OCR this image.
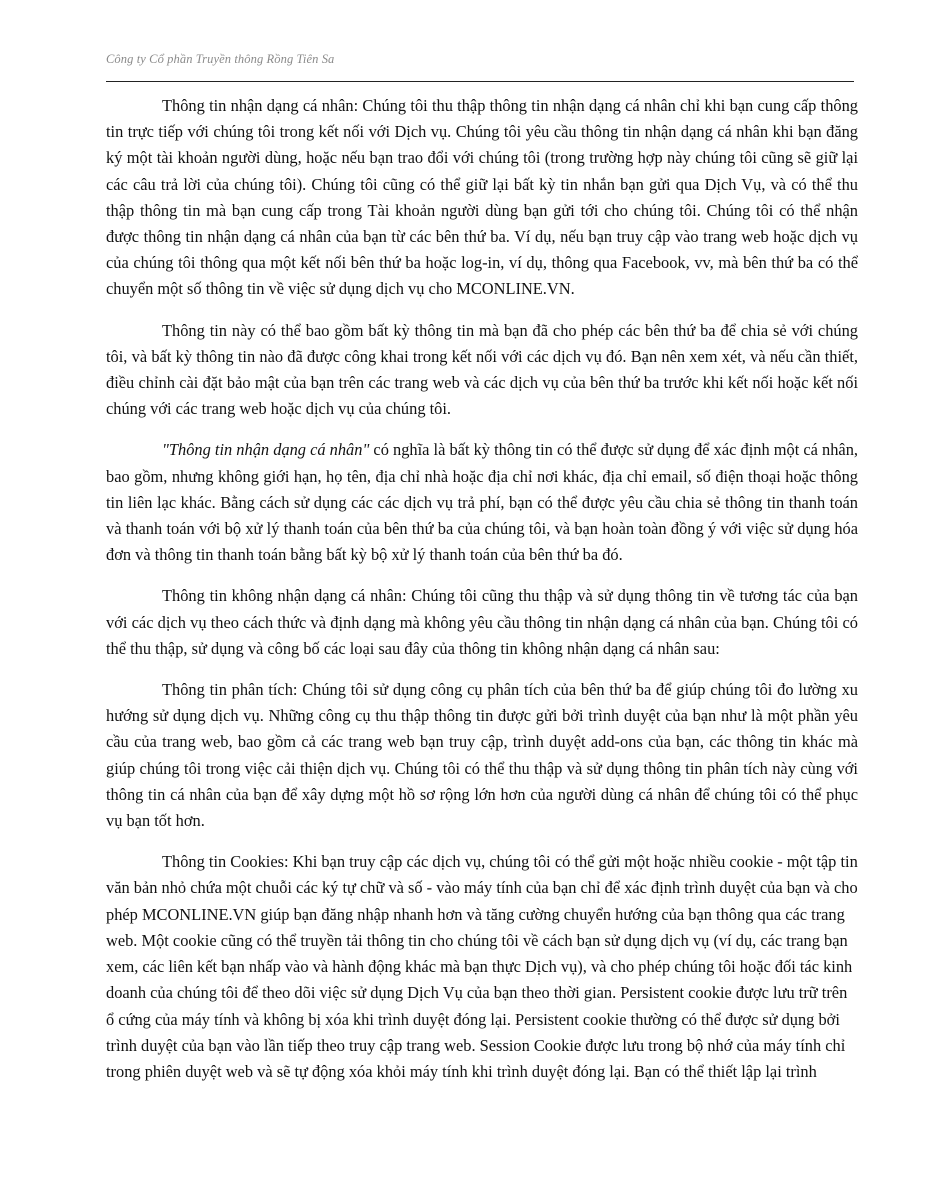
Công ty Cổ phần Truyền thông Rồng Tiên Sa

Thông tin nhận dạng cá nhân: Chúng tôi thu thập thông tin nhận dạng cá nhân chỉ khi bạn cung cấp thông tin trực tiếp với chúng tôi trong kết nối với Dịch vụ. Chúng tôi yêu cầu thông tin nhận dạng cá nhân khi bạn đăng ký một tài khoản người dùng, hoặc nếu bạn trao đổi với chúng tôi (trong trường hợp này chúng tôi cũng sẽ giữ lại các câu trả lời của chúng tôi). Chúng tôi cũng có thể giữ lại bất kỳ tin nhắn bạn gửi qua Dịch Vụ, và có thể thu thập thông tin mà bạn cung cấp trong Tài khoản người dùng bạn gửi tới cho chúng tôi. Chúng tôi có thể nhận được thông tin nhận dạng cá nhân của bạn từ các bên thứ ba. Ví dụ, nếu bạn truy cập vào trang web hoặc dịch vụ của chúng tôi thông qua một kết nối bên thứ ba hoặc log-in, ví dụ, thông qua Facebook, vv, mà bên thứ ba có thể chuyển một số thông tin về việc sử dụng dịch vụ cho MCONLINE.VN.

Thông tin này có thể bao gồm bất kỳ thông tin mà bạn đã cho phép các bên thứ ba để chia sẻ với chúng tôi, và bất kỳ thông tin nào đã được công khai trong kết nối với các dịch vụ đó. Bạn nên xem xét, và nếu cần thiết, điều chỉnh cài đặt bảo mật của bạn trên các trang web và các dịch vụ của bên thứ ba trước khi kết nối hoặc kết nối chúng với các trang web hoặc dịch vụ của chúng tôi.

"Thông tin nhận dạng cá nhân" có nghĩa là bất kỳ thông tin có thể được sử dụng để xác định một cá nhân, bao gồm, nhưng không giới hạn, họ tên, địa chỉ nhà hoặc địa chỉ nơi khác, địa chỉ email, số điện thoại hoặc thông tin liên lạc khác. Bằng cách sử dụng các các dịch vụ trả phí, bạn có thể được yêu cầu chia sẻ thông tin thanh toán và thanh toán với bộ xử lý thanh toán của bên thứ ba của chúng tôi, và bạn hoàn toàn đồng ý với việc sử dụng hóa đơn và thông tin thanh toán bằng bất kỳ bộ xử lý thanh toán của bên thứ ba đó.

Thông tin không nhận dạng cá nhân: Chúng tôi cũng thu thập và sử dụng thông tin về tương tác của bạn với các dịch vụ theo cách thức và định dạng mà không yêu cầu thông tin nhận dạng cá nhân của bạn. Chúng tôi có thể thu thập, sử dụng và công bố các loại sau đây của thông tin không nhận dạng cá nhân sau:

Thông tin phân tích: Chúng tôi sử dụng công cụ phân tích của bên thứ ba để giúp chúng tôi đo lường xu hướng sử dụng dịch vụ. Những công cụ thu thập thông tin được gửi bởi trình duyệt của bạn như là một phần yêu cầu của trang web, bao gồm cả các trang web bạn truy cập, trình duyệt add-ons của bạn, các thông tin khác mà giúp chúng tôi trong việc cải thiện dịch vụ. Chúng tôi có thể thu thập và sử dụng thông tin phân tích này cùng với thông tin cá nhân của bạn để xây dựng một hồ sơ rộng lớn hơn của người dùng cá nhân để chúng tôi có thể phục vụ bạn tốt hơn.

Thông tin Cookies: Khi bạn truy cập các dịch vụ, chúng tôi có thể gửi một hoặc nhiều cookie - một tập tin văn bản nhỏ chứa một chuỗi các ký tự chữ và số - vào máy tính của bạn chỉ để xác định trình duyệt của bạn và cho phép MCONLINE.VN giúp bạn đăng nhập nhanh hơn và tăng cường chuyển hướng của bạn thông qua các trang web. Một cookie cũng có thể truyền tải thông tin cho chúng tôi về cách bạn sử dụng dịch vụ (ví dụ, các trang bạn xem, các liên kết bạn nhấp vào và hành động khác mà bạn thực Dịch vụ), và cho phép chúng tôi hoặc đối tác kinh doanh của chúng tôi để theo dõi việc sử dụng Dịch Vụ của bạn theo thời gian. Persistent cookie được lưu trữ trên ổ cứng của máy tính và không bị xóa khi trình duyệt đóng lại. Persistent cookie thường có thể được sử dụng bởi trình duyệt của bạn vào lần tiếp theo truy cập trang web. Session Cookie được lưu trong bộ nhớ của máy tính chỉ trong phiên duyệt web và sẽ tự động xóa khỏi máy tính khi trình duyệt đóng lại. Bạn có thể thiết lập lại trình
